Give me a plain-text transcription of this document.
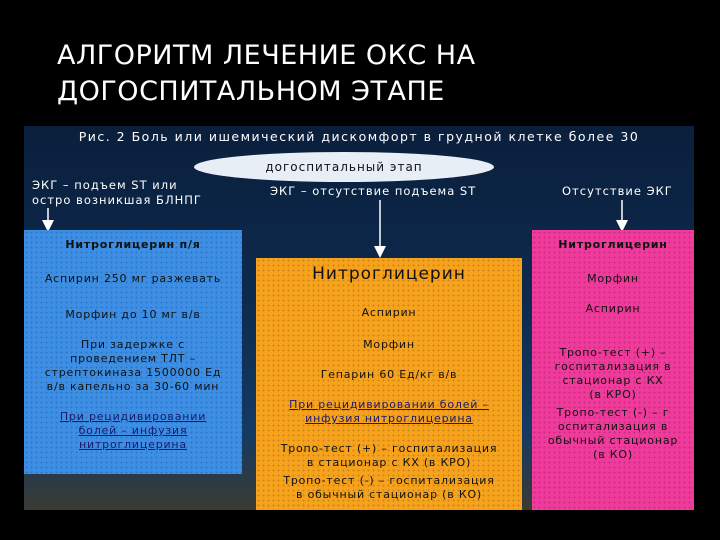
АЛГОРИТМ ЛЕЧЕНИЕ ОКС НА
ДОГОСПИТАЛЬНОМ ЭТАПЕ
Рис. 2 Боль или ишемический дискомфорт в грудной клетке более 30
догоспитальный этап
ЭКГ – подъем ST или
остро возникшая БЛНПГ
ЭКГ – отсутствие подъема ST	Отсутствие ЭКГ
Нитроглицерин п/я
Аспирин 250 мг разжевать
Морфин до 10 мг в/в
При задержке с
проведением ТЛТ –
стрептокиназа 1500000 Ед
в/в капельно за 30-60 мин
При рецидивировании
болей – инфузия
нитроглицерина
Нитроглицерин
Аспирин
Морфин
Гепарин 60 Ед/кг в/в
При рецидивировании болей –
инфузия нитроглицерина
Тропо-тест (+) – госпитализация
в стационар с КХ (в КРО)
Тропо-тест (-) – госпитализация
в обычный стационар (в КО)
Нитроглицерин
Морфин
Аспирин
Тропо-тест (+) –
госпитализация в
стационар с КХ
(в КРО)
Тропо-тест (-) – г
оспитализация в
обычный стационар
(в КО)
